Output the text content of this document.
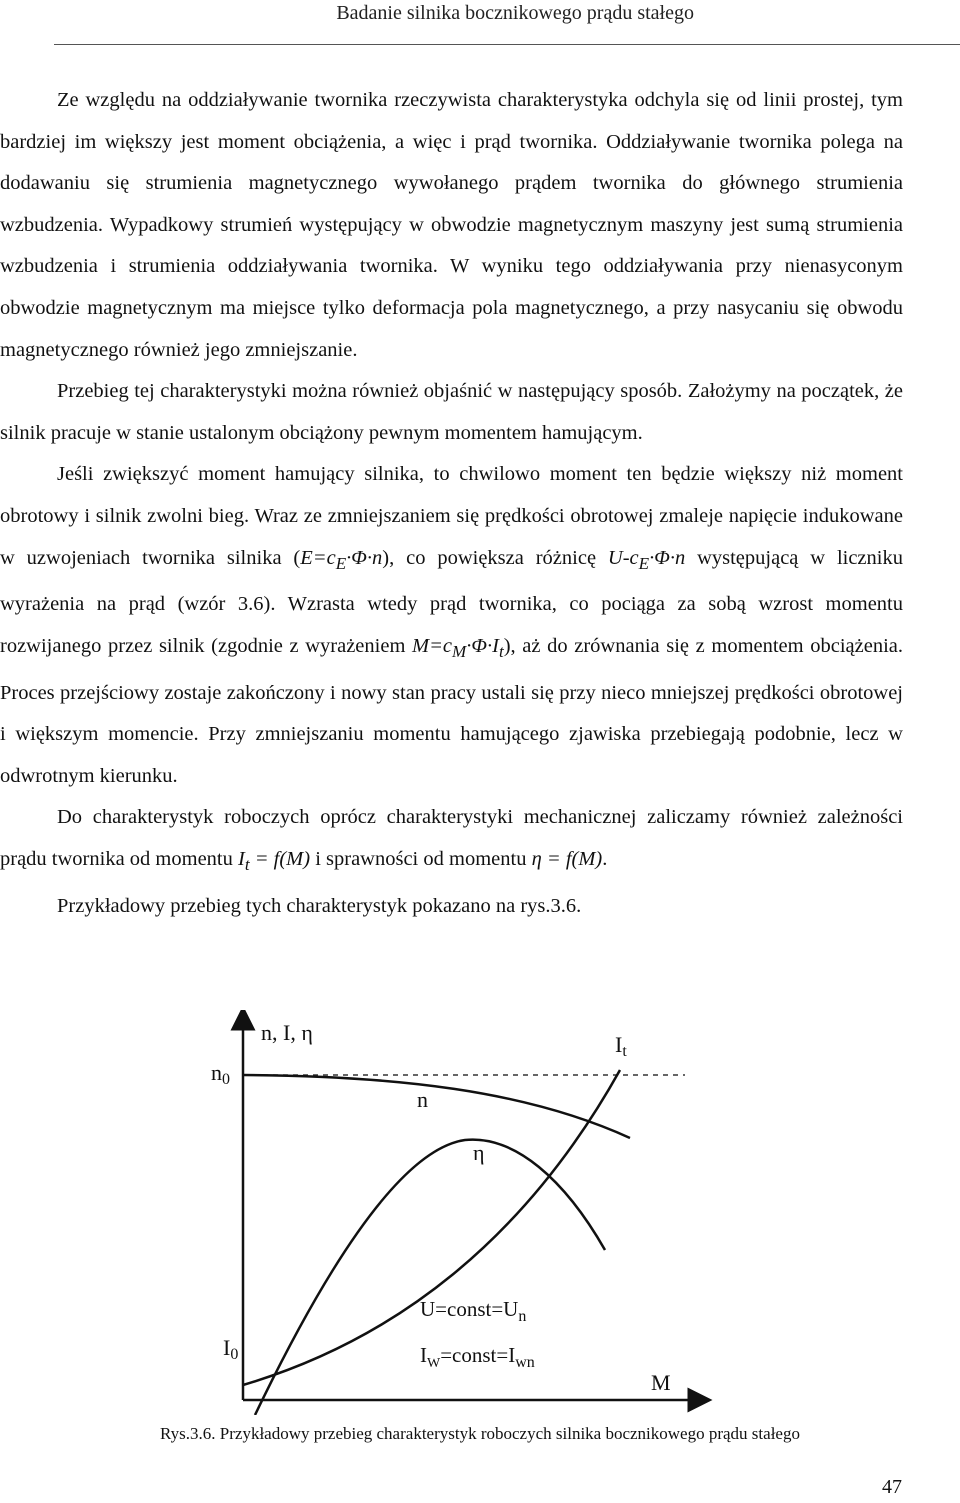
Badanie silnika bocznikowego prądu stałego

Ze względu na oddziaływanie twornika rzeczywista charakterystyka odchyla się od linii prostej, tym bardziej im większy jest moment obciążenia, a więc i prąd twornika. Oddziaływanie twornika polega na dodawaniu się strumienia magnetycznego wywołanego prądem twornika do głównego strumienia wzbudzenia. Wypadkowy strumień występujący w obwodzie magnetycznym maszyny jest sumą strumienia wzbudzenia i strumienia oddziaływania twornika. W wyniku tego oddziaływania przy nienasyconym obwodzie magnetycznym ma miejsce tylko deformacja pola magnetycznego, a przy nasycaniu się obwodu magnetycznego również jego zmniejszanie.

Przebieg tej charakterystyki można również objaśnić w następujący sposób. Założymy na początek, że silnik pracuje w stanie ustalonym obciążony pewnym momentem hamującym.

Jeśli zwiększyć moment hamujący silnika, to chwilowo moment ten będzie większy niż moment obrotowy i silnik zwolni bieg. Wraz ze zmniejszaniem się prędkości obrotowej zmaleje napięcie indukowane w uzwojeniach twornika silnika $(E=c_E\cdot\Phi\cdot n)$, co powiększa różnicę $U-c_E\cdot\Phi\cdot n$ występującą w liczniku wyrażenia na prąd (wzór 3.6). Wzrasta wtedy prąd twornika, co pociąga za sobą wzrost momentu rozwijanego przez silnik (zgodnie z wyrażeniem $M=c_M\cdot\Phi\cdot I_t$), aż do zrównania się z momentem obciążenia. Proces przejściowy zostaje zakończony i nowy stan pracy ustali się przy nieco mniejszej prędkości obrotowej i większym momencie. Przy zmniejszaniu momentu hamującego zjawiska przebiegają podobnie, lecz w odwrotnym kierunku.

Do charakterystyk roboczych oprócz charakterystyki mechanicznej zaliczamy również zależności prądu twornika od momentu $I_t = f(M)$ i sprawności od momentu η = f(M).

Przykładowy przebieg tych charakterystyk pokazano na rys.3.6.

n, I, η
n0
I0
n
It
η
M
$U=const=U_n$
$I_W=const=I_{wn}$
Rys.3.6. Przykładowy przebieg charakterystyk roboczych silnika bocznikowego prądu stałego
47
